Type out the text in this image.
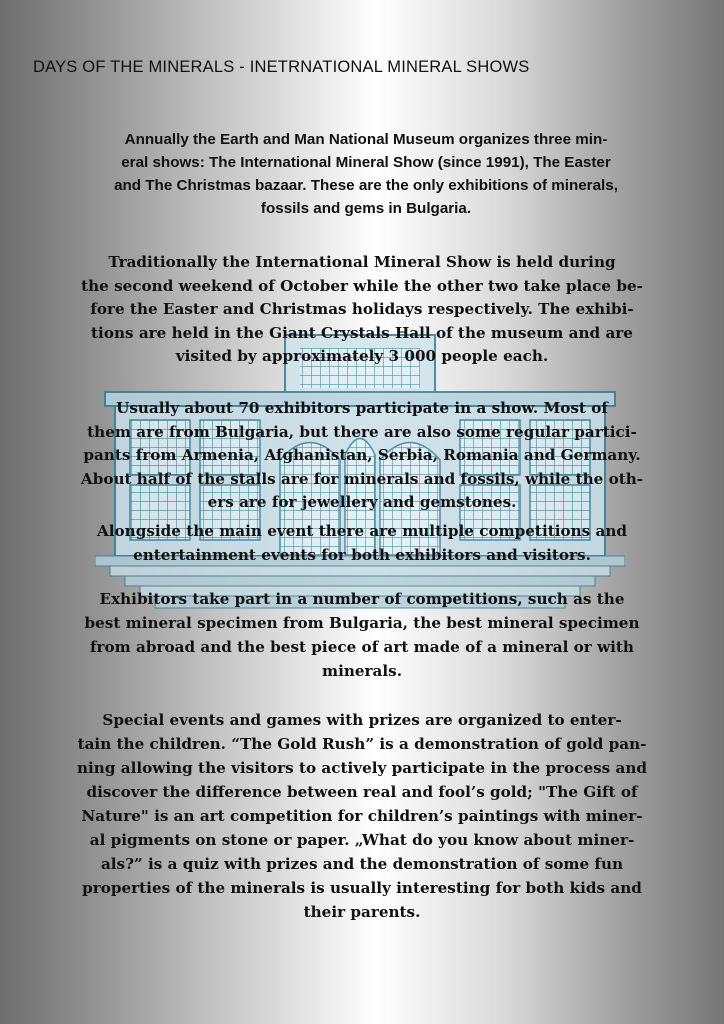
DAYS OF THE MINERALS - INETRNATIONAL MINERAL SHOWS

Annually the Earth and Man National Museum organizes three min-
eral shows: The International Mineral Show (since 1991), The Easter
and The Christmas bazaar. These are the only exhibitions of minerals,
fossils and gems in Bulgaria.

Traditionally the International Mineral Show is held during
the second weekend of October while the other two take place be-
fore the Easter and Christmas holidays respectively. The exhibi-
tions are held in the Giant Crystals Hall of the museum and are
visited by approximately 3 000 people each.

Usually about 70 exhibitors participate in a show. Most of
them are from Bulgaria, but there are also some regular partici-
pants from Armenia, Afghanistan, Serbia, Romania and Germany.
About half of the stalls are for minerals and fossils, while the oth-
ers are for jewellery and gemstones.

Alongside the main event there are multiple competitions and
entertainment events for both exhibitors and visitors.

Exhibitors take part in a number of competitions, such as the
best mineral specimen from Bulgaria, the best mineral specimen
from abroad and the best piece of art made of a mineral or with
minerals.

Special events and games with prizes are organized to enter-
tain the children. “The Gold Rush” is a demonstration of gold pan-
ning allowing the visitors to actively participate in the process and
discover the difference between real and fool’s gold; "The Gift of
Nature" is an art competition for children’s paintings with miner-
al pigments on stone or paper. „What do you know about miner-
als?” is a quiz with prizes and the demonstration of some fun
properties of the minerals is usually interesting for both kids and
their parents.
